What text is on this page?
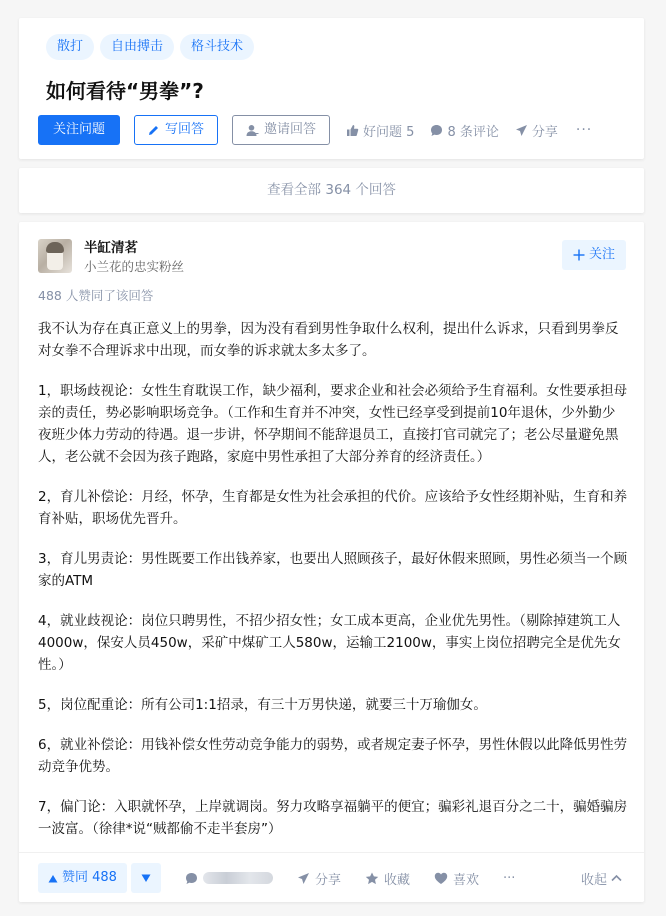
散打	自由搏击	格斗技术
如何看待“男拳”?
关注问题	写回答	邀请回答	好问题 5	8 条评论	分享 ···
查看全部 364 个回答
半缸清茗
小兰花的忠实粉丝
关注
488 人赞同了该回答

我不认为存在真正意义上的男拳，因为没有看到男性争取什么权利，提出什么诉求，只看到男拳反对女拳不合理诉求中出现，而女拳的诉求就太多太多了。

1，职场歧视论：女性生育耽误工作，缺少福利，要求企业和社会必须给予生育福利。女性要承担母亲的责任，势必影响职场竞争。（工作和生育并不冲突，女性已经享受到提前10年退休，少外勤少夜班少体力劳动的待遇。退一步讲，怀孕期间不能辞退员工，直接打官司就完了；老公尽量避免黑人，老公就不会因为孩子跑路，家庭中男性承担了大部分养育的经济责任。）

2，育儿补偿论：月经，怀孕，生育都是女性为社会承担的代价。应该给予女性经期补贴，生育和养育补贴，职场优先晋升。

3，育儿男责论：男性既要工作出钱养家，也要出人照顾孩子，最好休假来照顾，男性必须当一个顾家的ATM

4，就业歧视论：岗位只聘男性，不招少招女性；女工成本更高，企业优先男性。（剔除掉建筑工人4000w，保安人员450w，采矿中煤矿工人580w，运输工2100w，事实上岗位招聘完全是优先女性。）

5，岗位配重论：所有公司1:1招录，有三十万男快递，就要三十万瑜伽女。

6，就业补偿论：用钱补偿女性劳动竞争能力的弱势，或者规定妻子怀孕，男性休假以此降低男性劳动竞争优势。

7，偏门论：入职就怀孕，上岸就调岗。努力攻略享福躺平的便宜；骗彩礼退百分之二十，骗婚骗房一波富。（徐律*说“贼都偷不走半套房”）

赞同 488	分享	收藏	喜欢 ···	收起
